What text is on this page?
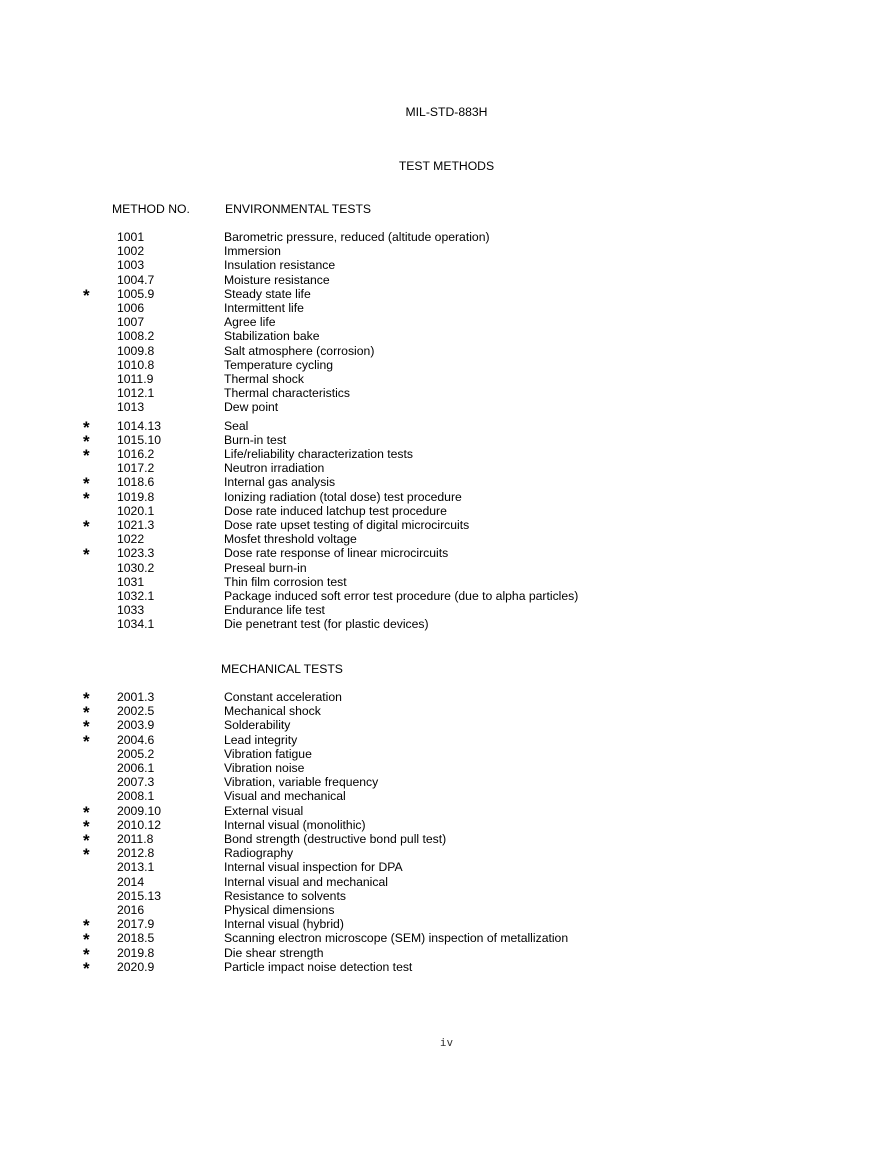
MIL-STD-883H
TEST METHODS
METHOD NO.	ENVIRONMENTAL TESTS
1001	Barometric pressure, reduced (altitude operation)
1002	Immersion
1003	Insulation resistance
1004.7	Moisture resistance
* 1005.9	Steady state life
1006	Intermittent life
1007	Agree life
1008.2	Stabilization bake
1009.8	Salt atmosphere (corrosion)
1010.8	Temperature cycling
1011.9	Thermal shock
1012.1	Thermal characteristics
1013	Dew point
* 1014.13	Seal
* 1015.10	Burn-in test
* 1016.2	Life/reliability characterization tests
1017.2	Neutron irradiation
* 1018.6	Internal gas analysis
* 1019.8	Ionizing radiation (total dose) test procedure
1020.1	Dose rate induced latchup test procedure
* 1021.3	Dose rate upset testing of digital microcircuits
1022	Mosfet threshold voltage
* 1023.3	Dose rate response of linear microcircuits
1030.2	Preseal burn-in
1031	Thin film corrosion test
1032.1	Package induced soft error test procedure (due to alpha particles)
1033	Endurance life test
1034.1	Die penetrant test (for plastic devices)
MECHANICAL TESTS
* 2001.3	Constant acceleration
* 2002.5	Mechanical shock
* 2003.9	Solderability
* 2004.6	Lead integrity
2005.2	Vibration fatigue
2006.1	Vibration noise
2007.3	Vibration, variable frequency
2008.1	Visual and mechanical
* 2009.10	External visual
* 2010.12	Internal visual (monolithic)
* 2011.8	Bond strength (destructive bond pull test)
* 2012.8	Radiography
2013.1	Internal visual inspection for DPA
2014	Internal visual and mechanical
2015.13	Resistance to solvents
2016	Physical dimensions
* 2017.9	Internal visual (hybrid)
* 2018.5	Scanning electron microscope (SEM) inspection of metallization
* 2019.8	Die shear strength
* 2020.9	Particle impact noise detection test
iv
